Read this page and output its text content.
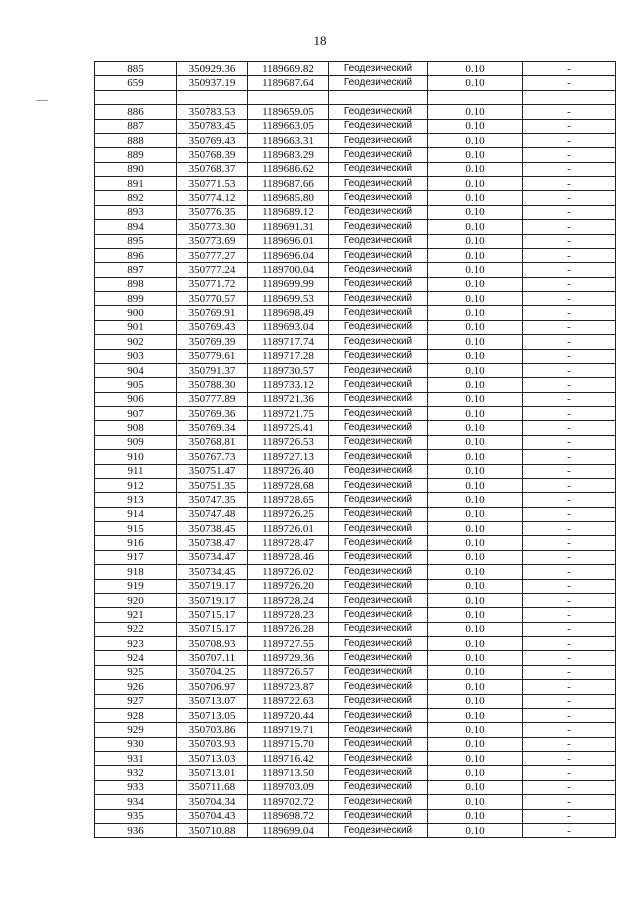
18
885	350929.36	1189669.82	Геодезический	0.10	-
659	350937.19	1189687.64	Геодезический	0.10	-

886	350783.53	1189659.05	Геодезический	0.10	-
887	350783.45	1189663.05	Геодезический	0.10	-
888	350769.43	1189663.31	Геодезический	0.10	-
889	350768.39	1189683.29	Геодезический	0.10	-
890	350768.37	1189686.62	Геодезический	0.10	-
891	350771.53	1189687.66	Геодезический	0.10	-
892	350774.12	1189685.80	Геодезический	0.10	-
893	350776.35	1189689.12	Геодезический	0.10	-
894	350773.30	1189691.31	Геодезический	0.10	-
895	350773.69	1189696.01	Геодезический	0.10	-
896	350777.27	1189696.04	Геодезический	0.10	-
897	350777.24	1189700.04	Геодезический	0.10	-
898	350771.72	1189699.99	Геодезический	0.10	-
899	350770.57	1189699.53	Геодезический	0.10	-
900	350769.91	1189698.49	Геодезический	0.10	-
901	350769.43	1189693.04	Геодезический	0.10	-
902	350769.39	1189717.74	Геодезический	0.10	-
903	350779.61	1189717.28	Геодезический	0.10	-
904	350791.37	1189730.57	Геодезический	0.10	-
905	350788.30	1189733.12	Геодезический	0.10	-
906	350777.89	1189721.36	Геодезический	0.10	-
907	350769.36	1189721.75	Геодезический	0.10	-
908	350769.34	1189725.41	Геодезический	0.10	-
909	350768.81	1189726.53	Геодезический	0.10	-
910	350767.73	1189727.13	Геодезический	0.10	-
911	350751.47	1189726.40	Геодезический	0.10	-
912	350751.35	1189728.68	Геодезический	0.10	-
913	350747.35	1189728.65	Геодезический	0.10	-
914	350747.48	1189726.25	Геодезический	0.10	-
915	350738.45	1189726.01	Геодезический	0.10	-
916	350738.47	1189728.47	Геодезический	0.10	-
917	350734.47	1189728.46	Геодезический	0.10	-
918	350734.45	1189726.02	Геодезический	0.10	-
919	350719.17	1189726.20	Геодезический	0.10	-
920	350719.17	1189728.24	Геодезический	0.10	-
921	350715.17	1189728.23	Геодезический	0.10	-
922	350715.17	1189726.28	Геодезический	0.10	-
923	350708.93	1189727.55	Геодезический	0.10	-
924	350707.11	1189729.36	Геодезический	0.10	-
925	350704.25	1189726.57	Геодезический	0.10	-
926	350706.97	1189723.87	Геодезический	0.10	-
927	350713.07	1189722.63	Геодезический	0.10	-
928	350713.05	1189720.44	Геодезический	0.10	-
929	350703.86	1189719.71	Геодезический	0.10	-
930	350703.93	1189715.70	Геодезический	0.10	-
931	350713.03	1189716.42	Геодезический	0.10	-
932	350713.01	1189713.50	Геодезический	0.10	-
933	350711.68	1189703.09	Геодезический	0.10	-
934	350704.34	1189702.72	Геодезический	0.10	-
935	350704.43	1189698.72	Геодезический	0.10	-
936	350710.88	1189699.04	Геодезический	0.10	-
